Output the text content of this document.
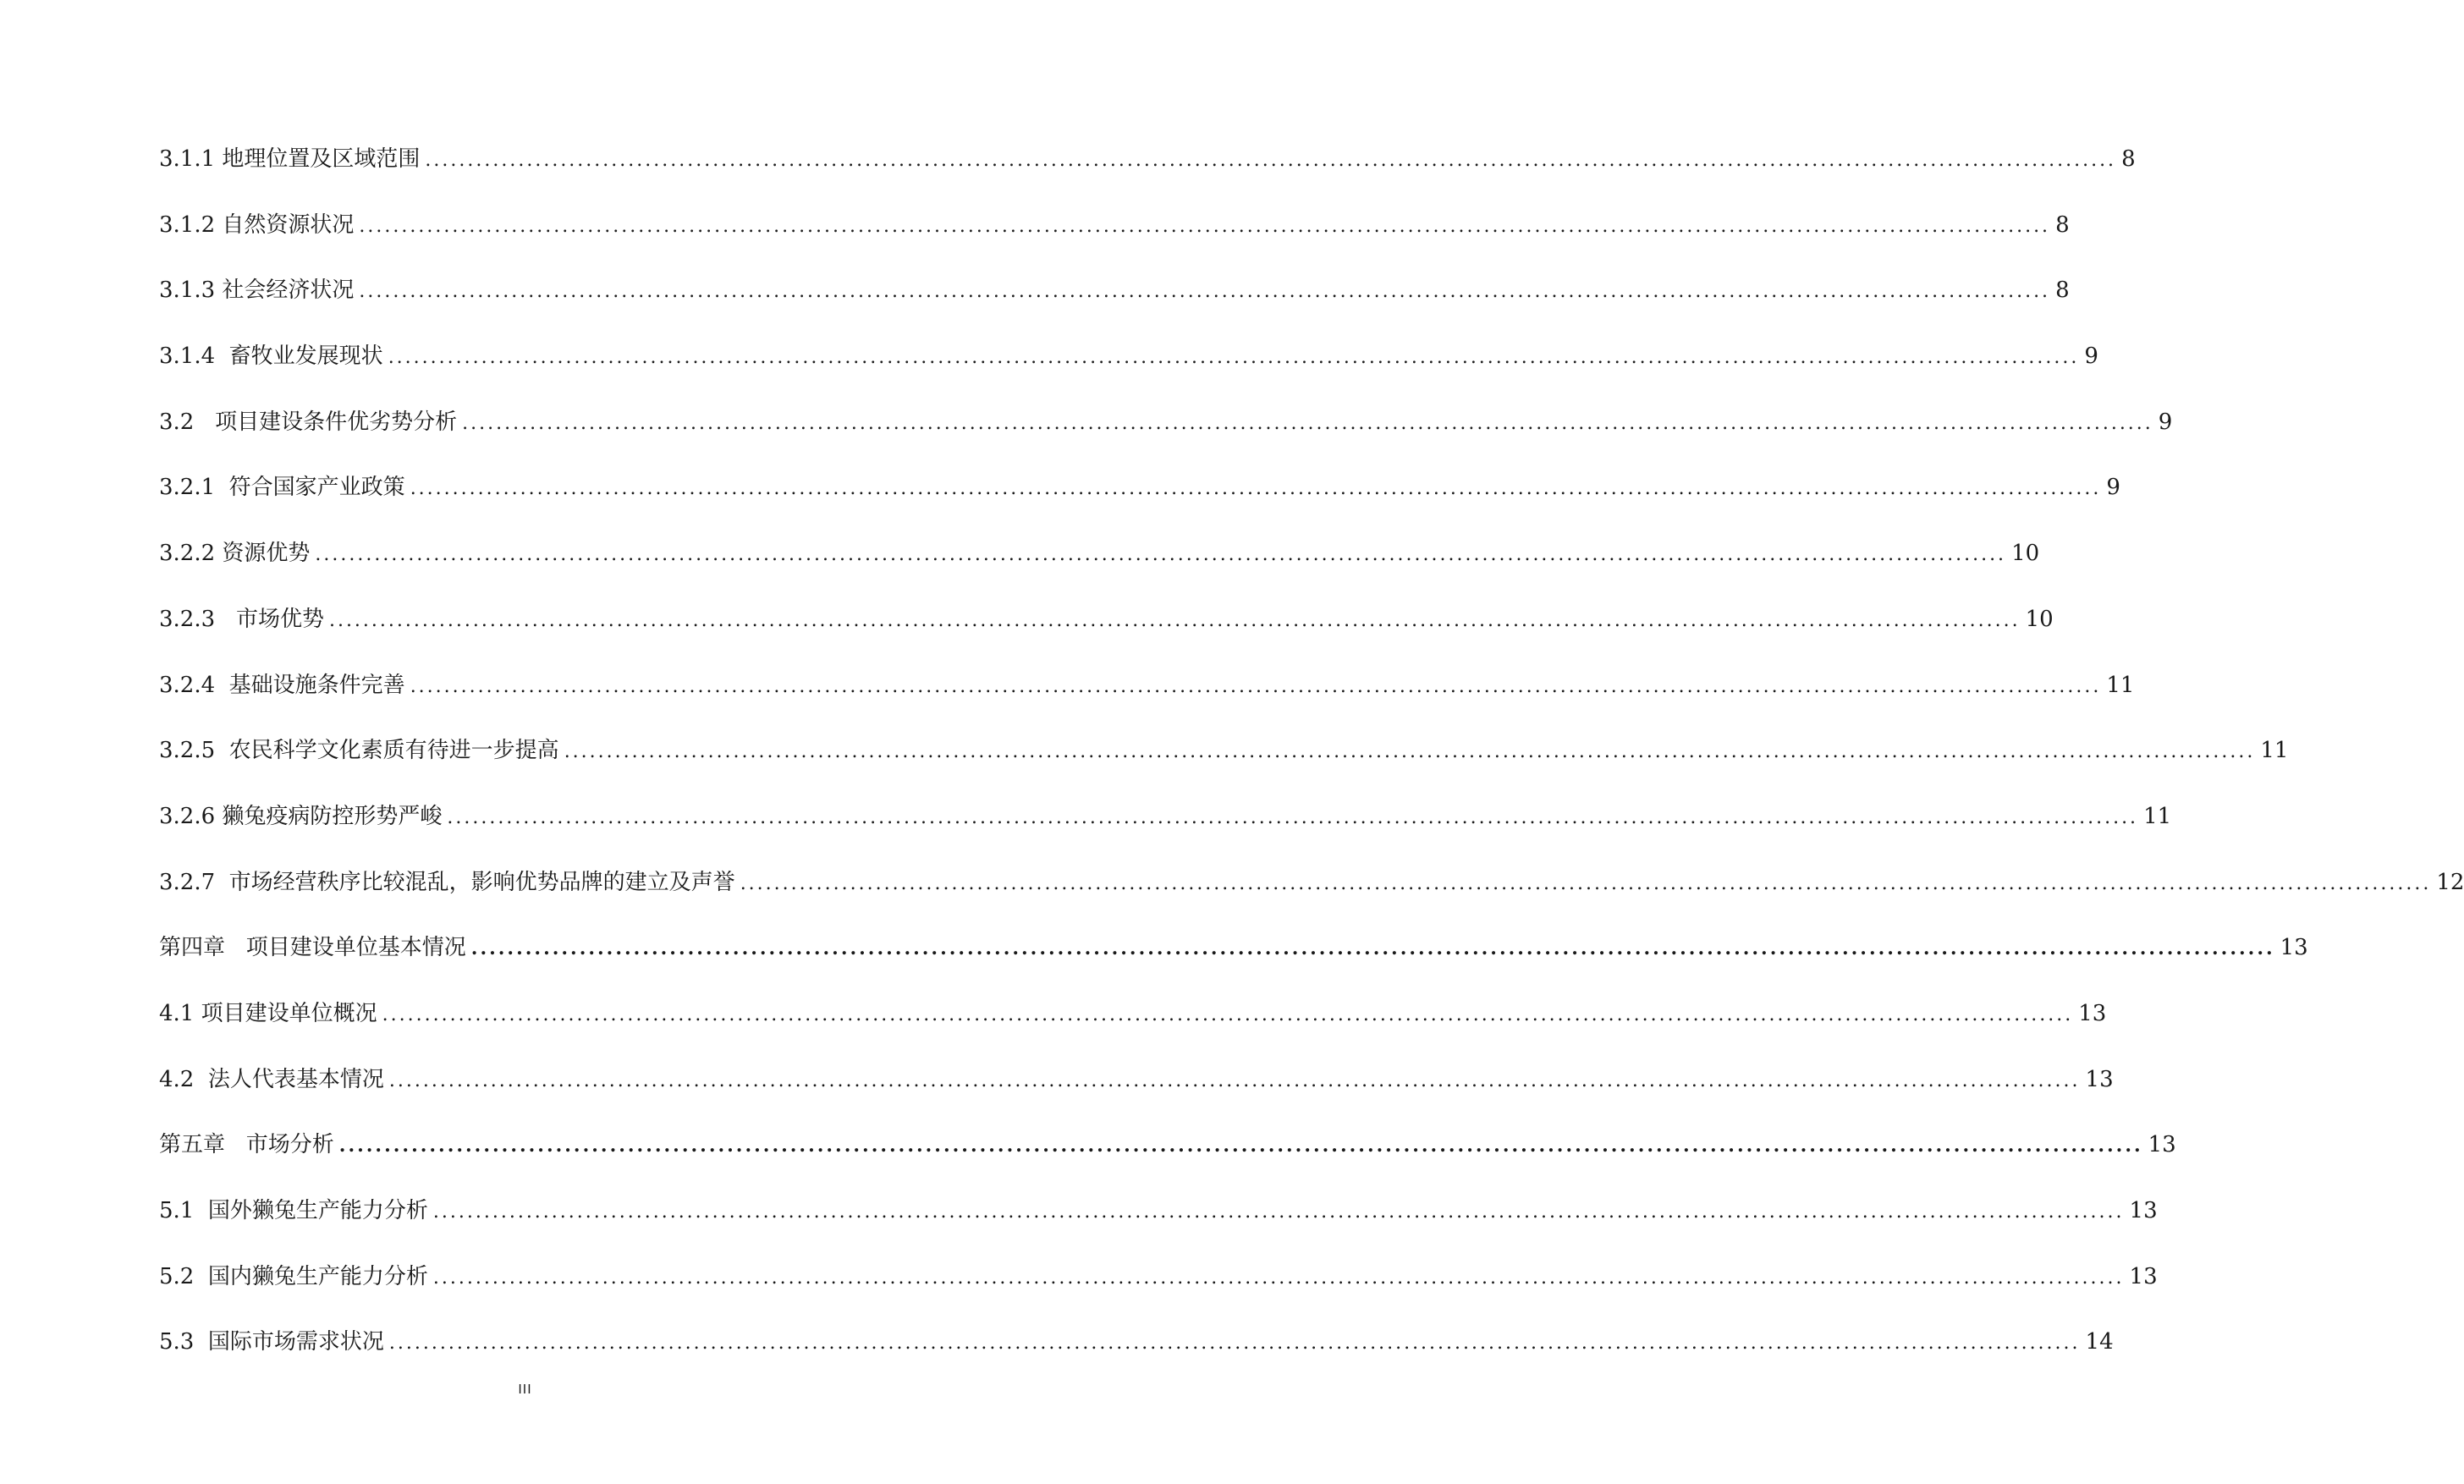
3.1.1 地理位置及区域范围 ........................................................................................................................................................................................................ 8
3.1.2 自然资源状况 ........................................................................................................................................................................................................ 8
3.1.3 社会经济状况 ........................................................................................................................................................................................................ 8
3.1.4  畜牧业发展现状 ........................................................................................................................................................................................................ 9
3.2   项目建设条件优劣势分析 ........................................................................................................................................................................................................ 9
3.2.1  符合国家产业政策 ........................................................................................................................................................................................................ 9
3.2.2 资源优势 ........................................................................................................................................................................................................ 10
3.2.3   市场优势 ........................................................................................................................................................................................................ 10
3.2.4  基础设施条件完善 ........................................................................................................................................................................................................ 11
3.2.5  农民科学文化素质有待进一步提高 ........................................................................................................................................................................................................ 11
3.2.6 獭兔疫病防控形势严峻 ........................................................................................................................................................................................................ 11
3.2.7  市场经营秩序比较混乱，影响优势品牌的建立及声誉 ........................................................................................................................................................................................................ 12
第四章   项目建设单位基本情况 ........................................................................................................................................................................................................ 13
4.1 项目建设单位概况 ........................................................................................................................................................................................................ 13
4.2  法人代表基本情况 ........................................................................................................................................................................................................ 13
第五章   市场分析 ........................................................................................................................................................................................................ 13
5.1  国外獭兔生产能力分析 ........................................................................................................................................................................................................ 13
5.2  国内獭兔生产能力分析 ........................................................................................................................................................................................................ 13
5.3  国际市场需求状况 ........................................................................................................................................................................................................ 14
III
